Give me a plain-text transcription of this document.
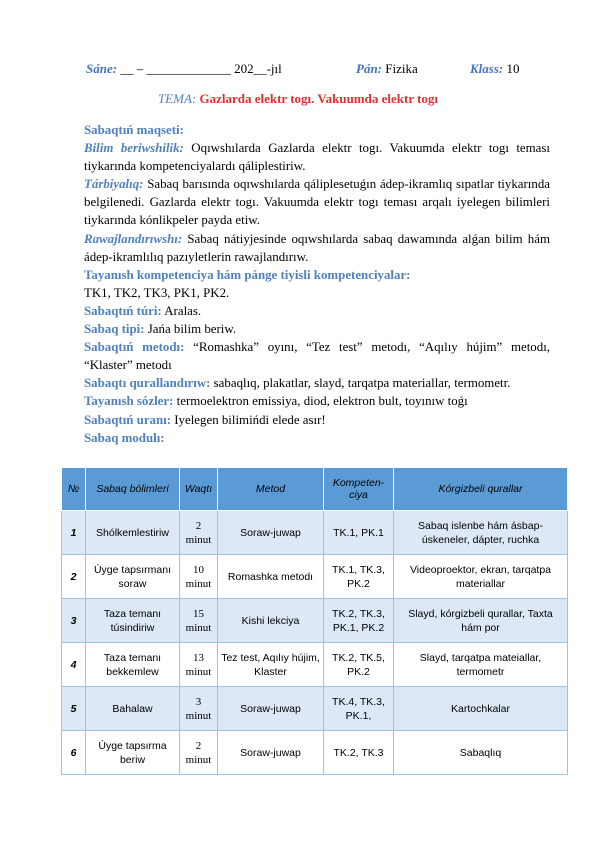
Sáne: __ – _____________ 202__-jıl	Pán: Fizika	Klass: 10
TEMA: Gazlarda elektr togı. Vakuumda elektr togı

Sabaqtıń maqseti:

Bilim beriwshilik: Oqıwshılarda Gazlarda elektr togı. Vakuumda elektr togı teması tiykarında kompetenciyalardı qáliplestiriw.

Tárbiyalıq: Sabaq barısında oqıwshılarda qáliplesetuǵın ádep-ikramlıq sıpatlar tiykarında belgilenedi. Gazlarda elektr togı. Vakuumda elektr togı teması arqalı iyelegen bilimleri tiykarında kónlikpeler payda etiw.

Rawajlandırıwshı: Sabaq nátiyjesinde oqıwshılarda sabaq dawamında alǵan bilim hám ádep-ikramlılıq pazıyletlerin rawajlandırıw.

Tayanısh kompetenciya hám pánge tiyisli kompetenciyalar:

TK1, TK2, TK3, PK1, PK2.

Sabaqtıń túri: Aralas.

Sabaq tipi: Jańa bilim beriw.

Sabaqtıń metodı: “Romashka” oyını, “Tez test” metodı, “Aqılıy hújim” metodı, “Klaster” metodı

Sabaqtı qurallandırıw: sabaqlıq, plakatlar, slayd, tarqatpa materiallar, termometr.

Tayanısh sózler: termoelektron emissiya, diod, elektron bult, toyınıw toǵı

Sabaqtıń uranı: Iyelegen bilimińdi elede asır!

Sabaq modulı:

№	Sabaq bólimleri	Waqtı	Metod	Kompeten-ciya	Kórgizbeli qurallar
1	Shólkemlestiriw	2 minut	Soraw-juwap	TK.1, PK.1	Sabaq islenbe hám ásbap-úskeneler, dápter, ruchka
2	Úyge tapsırmanı soraw	10 minut	Romashka metodı	TK.1, TK.3, PK.2	Videoproektor, ekran, tarqatpa materiallar
3	Taza temanı túsindiriw	15 minut	Kishi lekciya	TK.2, TK.3, PK.1, PK.2	Slayd, kórgizbeli qurallar, Taxta hám por
4	Taza temanı bekkemlew	13 minut	Tez test, Aqılıy hújim, Klaster	TK.2, TK.5, PK.2	Slayd, tarqatpa mateiallar, termometr
5	Bahalaw	3 minut	Soraw-juwap	TK.4, TK.3, PK.1,	Kartochkalar
6	Úyge tapsırma beriw	2 minut	Soraw-juwap	TK.2, TK.3	Sabaqlıq
